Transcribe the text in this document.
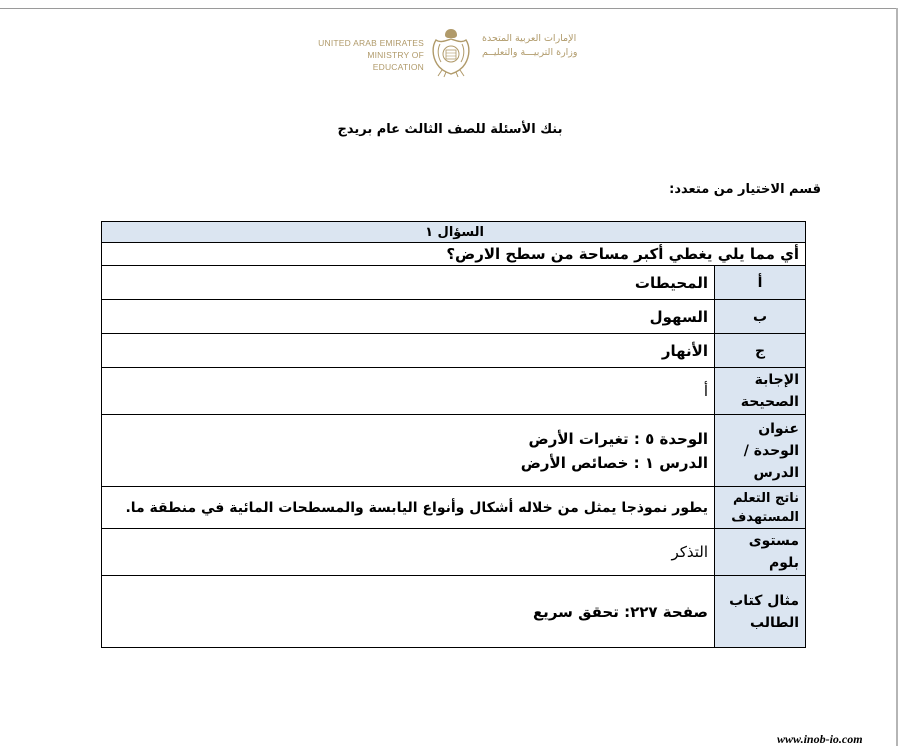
UNITED ARAB EMIRATES
MINISTRY OF EDUCATION
الإمارات العربية المتحدة
وزارة التربيـــة والتعليــم
بنك الأسئلة للصف الثالث عام بريدج
قسم الاختيار من متعدد:
السؤال ١	

أي مما يلي يغطي أكبر مساحة من سطح الارض؟	
أ	المحيطات
ب	السهول
ج	الأنهار
الإجابة الصحيحة	أ
عنوان الوحدة / الدرس	الوحدة ٥ : تغيرات الأرض
الدرس ١ : خصائص الأرض

ناتج التعلم المستهدف	يطور نموذجا يمثل من خلاله أشكال وأنواع اليابسة والمسطحات المائية في منطقة ما.
مستوى بلوم	التذكر
مثال كتاب الطالب	صفحة ٢٢٧: تحقق سريع
www.inob-io.com
